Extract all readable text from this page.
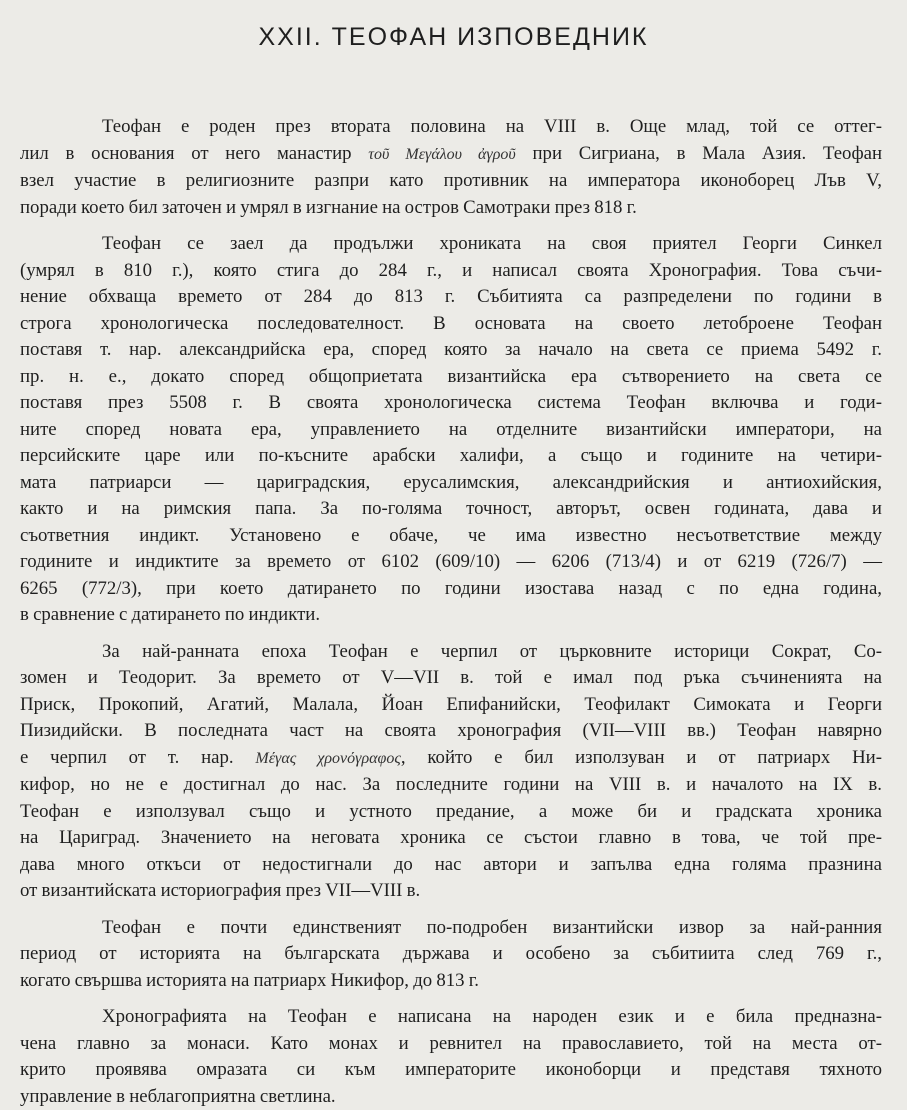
XXII. ТЕОФАН ИЗПОВЕДНИК
Теофан е роден през втората половина на VIII в. Още млад, той се оттег-
лил в основания от него манастир τοῦ Μεγάλου ἀγροῦ при Сигриана, в Мала Азия. Теофан
взел участие в религиозните разпри като противник на императора иконоборец Лъв V,
поради което бил заточен и умрял в изгнание на остров Самотраки през 818 г.
Теофан се заел да продължи хрониката на своя приятел Георги Синкел
(умрял в 810 г.), която стига до 284 г., и написал своята Хронография. Това съчи-
нение обхваща времето от 284 до 813 г. Събитията са разпределени по години в
строга хронологическа последователност. В основата на своето летоброене Теофан
поставя т. нар. александрийска ера, според която за начало на света се приема 5492 г.
пр. н. е., докато според общоприетата византийска ера сътворението на света се
поставя през 5508 г. В своята хронологическа система Теофан включва и годи-
ните според новата ера, управлението на отделните византийски императори, на
персийските царе или по-късните арабски халифи, а също и годините на четири-
мата патриарси — цариградския, ерусалимския, александрийския и антиохийския,
както и на римския папа. За по-голяма точност, авторът, освен годината, дава и
съответния индикт. Установено е обаче, че има известно несъответствие между
годините и индиктите за времето от 6102 (609/10) — 6206 (713/4) и от 6219 (726/7) —
6265 (772/3), при което датирането по години изостава назад с по една година,
в сравнение с датирането по индикти.
За най-ранната епоха Теофан е черпил от църковните историци Сократ, Со-
зомен и Теодорит. За времето от V—VII в. той е имал под ръка съчиненията на
Приск, Прокопий, Агатий, Малала, Йоан Епифанийски, Теофилакт Симоката и Георги
Пизидийски. В последната част на своята хронография (VII—VIII вв.) Теофан навярно
е черпил от т. нар. Μέγας χρονόγραφος, който е бил използуван и от патриарх Ни-
кифор, но не е достигнал до нас. За последните години на VIII в. и началото на IX в.
Теофан е използувал също и устното предание, а може би и градската хроника
на Цариград. Значението на неговата хроника се състои главно в това, че той пре-
дава много откъси от недостигнали до нас автори и запълва една голяма празнина
от византийската историография през VII—VIII в.
Теофан е почти единственият по-подробен византийски извор за най-ранния
период от историята на българската държава и особено за събитиита след 769 г.,
когато свършва историята на патриарх Никифор, до 813 г.
Хронографията на Теофан е написана на народен език и е била предназна-
чена главно за монаси. Като монах и ревнител на православието, той на места от-
крито проявява омразата си към императорите иконоборци и представя тяхното
управление в неблагоприятна светлина.
